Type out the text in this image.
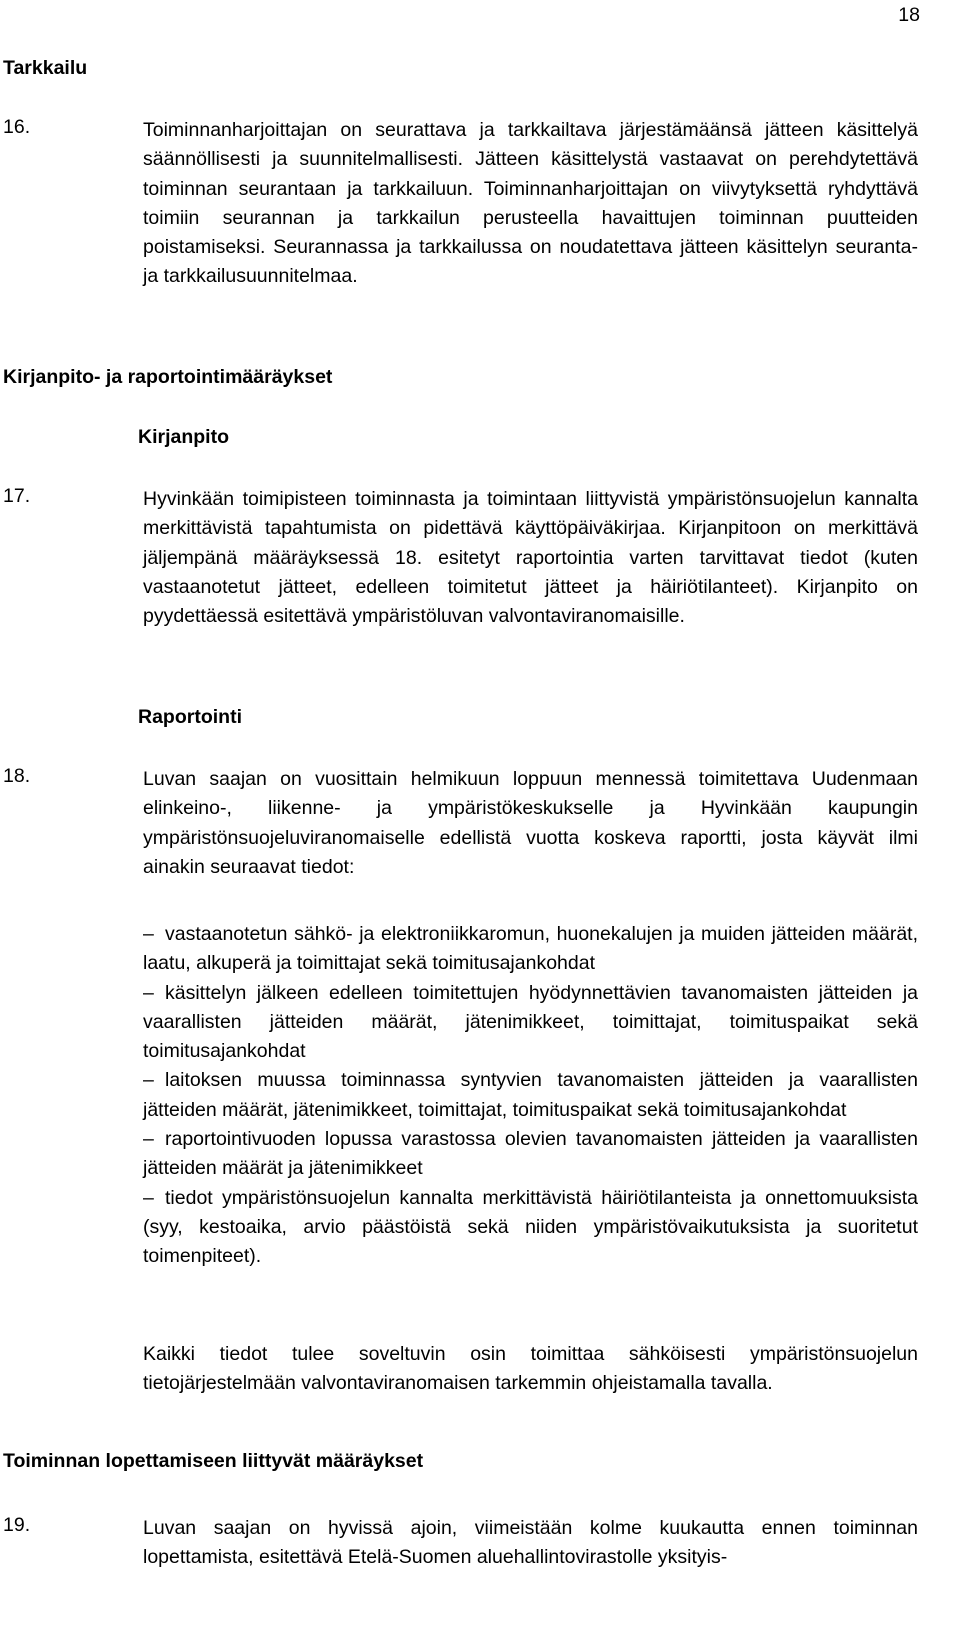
18
Tarkkailu
16.	Toiminnanharjoittajan on seurattava ja tarkkailtava järjestämäänsä jätteen käsittelyä säännöllisesti ja suunnitelmallisesti. Jätteen käsittelystä vastaavat on perehdytettävä toiminnan seurantaan ja tarkkailuun. Toiminnanharjoittajan on viivytyksettä ryhdyttävä toimiin seurannan ja tarkkailun perusteella havaittujen toiminnan puutteiden poistamiseksi. Seurannassa ja tarkkailussa on noudatettava jätteen käsittelyn seuranta- ja tarkkailusuunnitelmaa.
Kirjanpito- ja raportointimääräykset
Kirjanpito
17.	Hyvinkään toimipisteen toiminnasta ja toimintaan liittyvistä ympäristönsuojelun kannalta merkittävistä tapahtumista on pidettävä käyttöpäiväkirjaa. Kirjanpitoon on merkittävä jäljempänä määräyksessä 18. esitetyt raportointia varten tarvittavat tiedot (kuten vastaanotetut jätteet, edelleen toimitetut jätteet ja häiriötilanteet). Kirjanpito on pyydettäessä esitettävä ympäristöluvan valvontaviranomaisille.
Raportointi
18.	Luvan saajan on vuosittain helmikuun loppuun mennessä toimitettava Uudenmaan elinkeino-, liikenne- ja ympäristökeskukselle ja Hyvinkään kaupungin ympäristönsuojeluviranomaiselle edellistä vuotta koskeva raportti, josta käyvät ilmi ainakin seuraavat tiedot:
– vastaanotetun sähkö- ja elektroniikkaromun, huonekalujen ja muiden jätteiden määrät, laatu, alkuperä ja toimittajat sekä toimitusajankohdat
– käsittelyn jälkeen edelleen toimitettujen hyödynnettävien tavanomaisten jätteiden ja vaarallisten jätteiden määrät, jätenimikkeet, toimittajat, toimituspaikat sekä toimitusajankohdat
– laitoksen muussa toiminnassa syntyvien tavanomaisten jätteiden ja vaarallisten jätteiden määrät, jätenimikkeet, toimittajat, toimituspaikat sekä toimitusajankohdat
– raportointivuoden lopussa varastossa olevien tavanomaisten jätteiden ja vaarallisten jätteiden määrät ja jätenimikkeet
– tiedot ympäristönsuojelun kannalta merkittävistä häiriötilanteista ja onnettomuuksista (syy, kestoaika, arvio päästöistä sekä niiden ympäristövaikutuksista ja suoritetut toimenpiteet).
Kaikki tiedot tulee soveltuvin osin toimittaa sähköisesti ympäristönsuojelun tietojärjestelmään valvontaviranomaisen tarkemmin ohjeistamalla tavalla.
Toiminnan lopettamiseen liittyvät määräykset
19.	Luvan saajan on hyvissä ajoin, viimeistään kolme kuukautta ennen toiminnan lopettamista, esitettävä Etelä-Suomen aluehallintovirastolle yksityis-
